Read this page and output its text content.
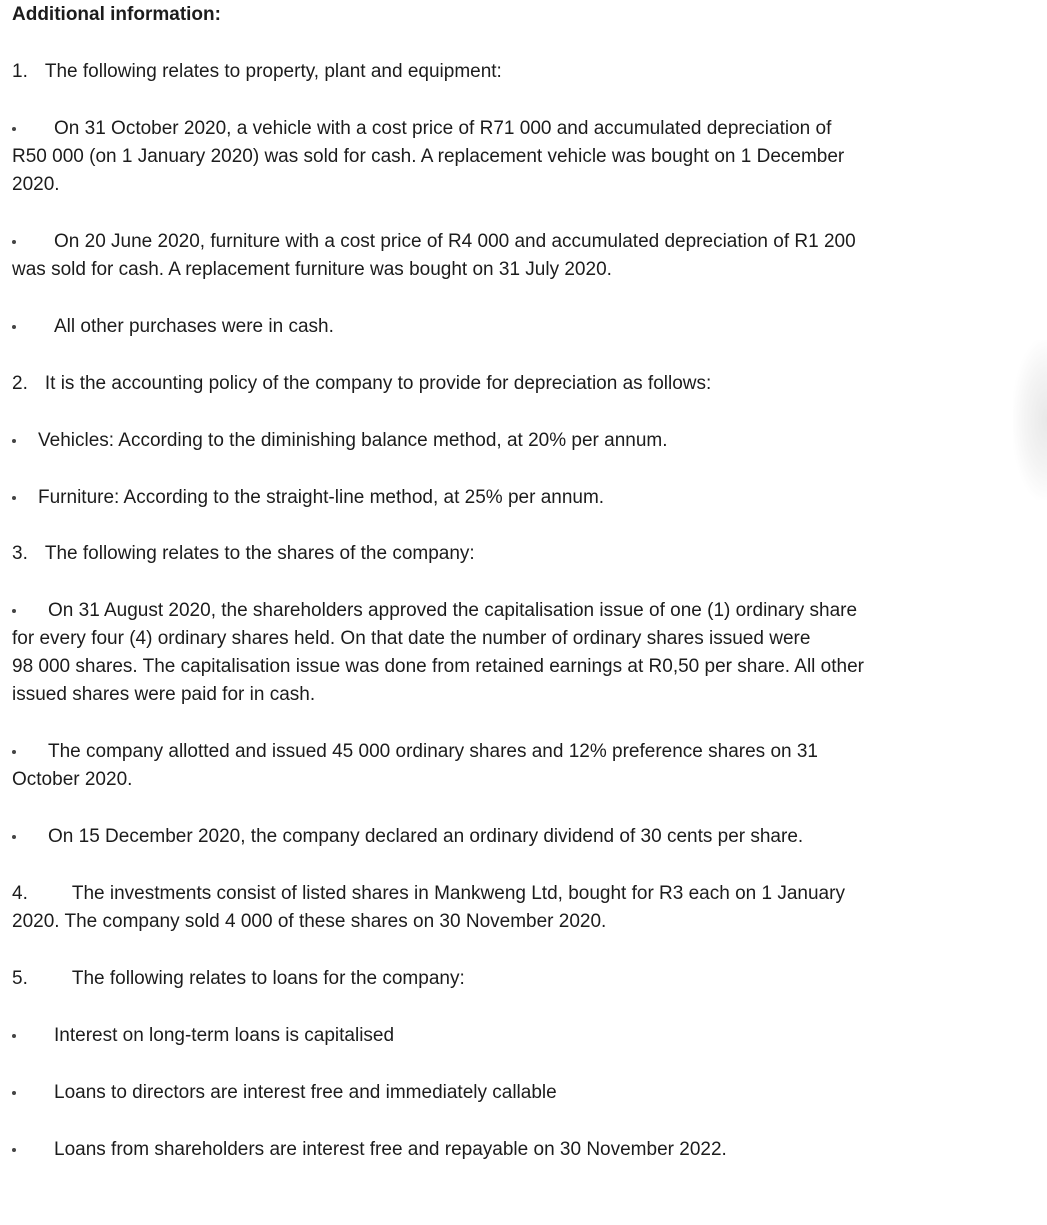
Additional information:
1. The following relates to property, plant and equipment:
On 31 October 2020, a vehicle with a cost price of R71 000 and accumulated depreciation of
R50 000 (on 1 January 2020) was sold for cash. A replacement vehicle was bought on 1 December
2020.
On 20 June 2020, furniture with a cost price of R4 000 and accumulated depreciation of R1 200
was sold for cash. A replacement furniture was bought on 31 July 2020.
All other purchases were in cash.
2. It is the accounting policy of the company to provide for depreciation as follows:
Vehicles: According to the diminishing balance method, at 20% per annum.
Furniture: According to the straight-line method, at 25% per annum.
3. The following relates to the shares of the company:
On 31 August 2020, the shareholders approved the capitalisation issue of one (1) ordinary share
for every four (4) ordinary shares held. On that date the number of ordinary shares issued were
98 000 shares. The capitalisation issue was done from retained earnings at R0,50 per share. All other
issued shares were paid for in cash.
The company allotted and issued 45 000 ordinary shares and 12% preference shares on 31
October 2020.
On 15 December 2020, the company declared an ordinary dividend of 30 cents per share.
4. The investments consist of listed shares in Mankweng Ltd, bought for R3 each on 1 January
2020. The company sold 4 000 of these shares on 30 November 2020.
5. The following relates to loans for the company:
Interest on long-term loans is capitalised
Loans to directors are interest free and immediately callable
Loans from shareholders are interest free and repayable on 30 November 2022.
